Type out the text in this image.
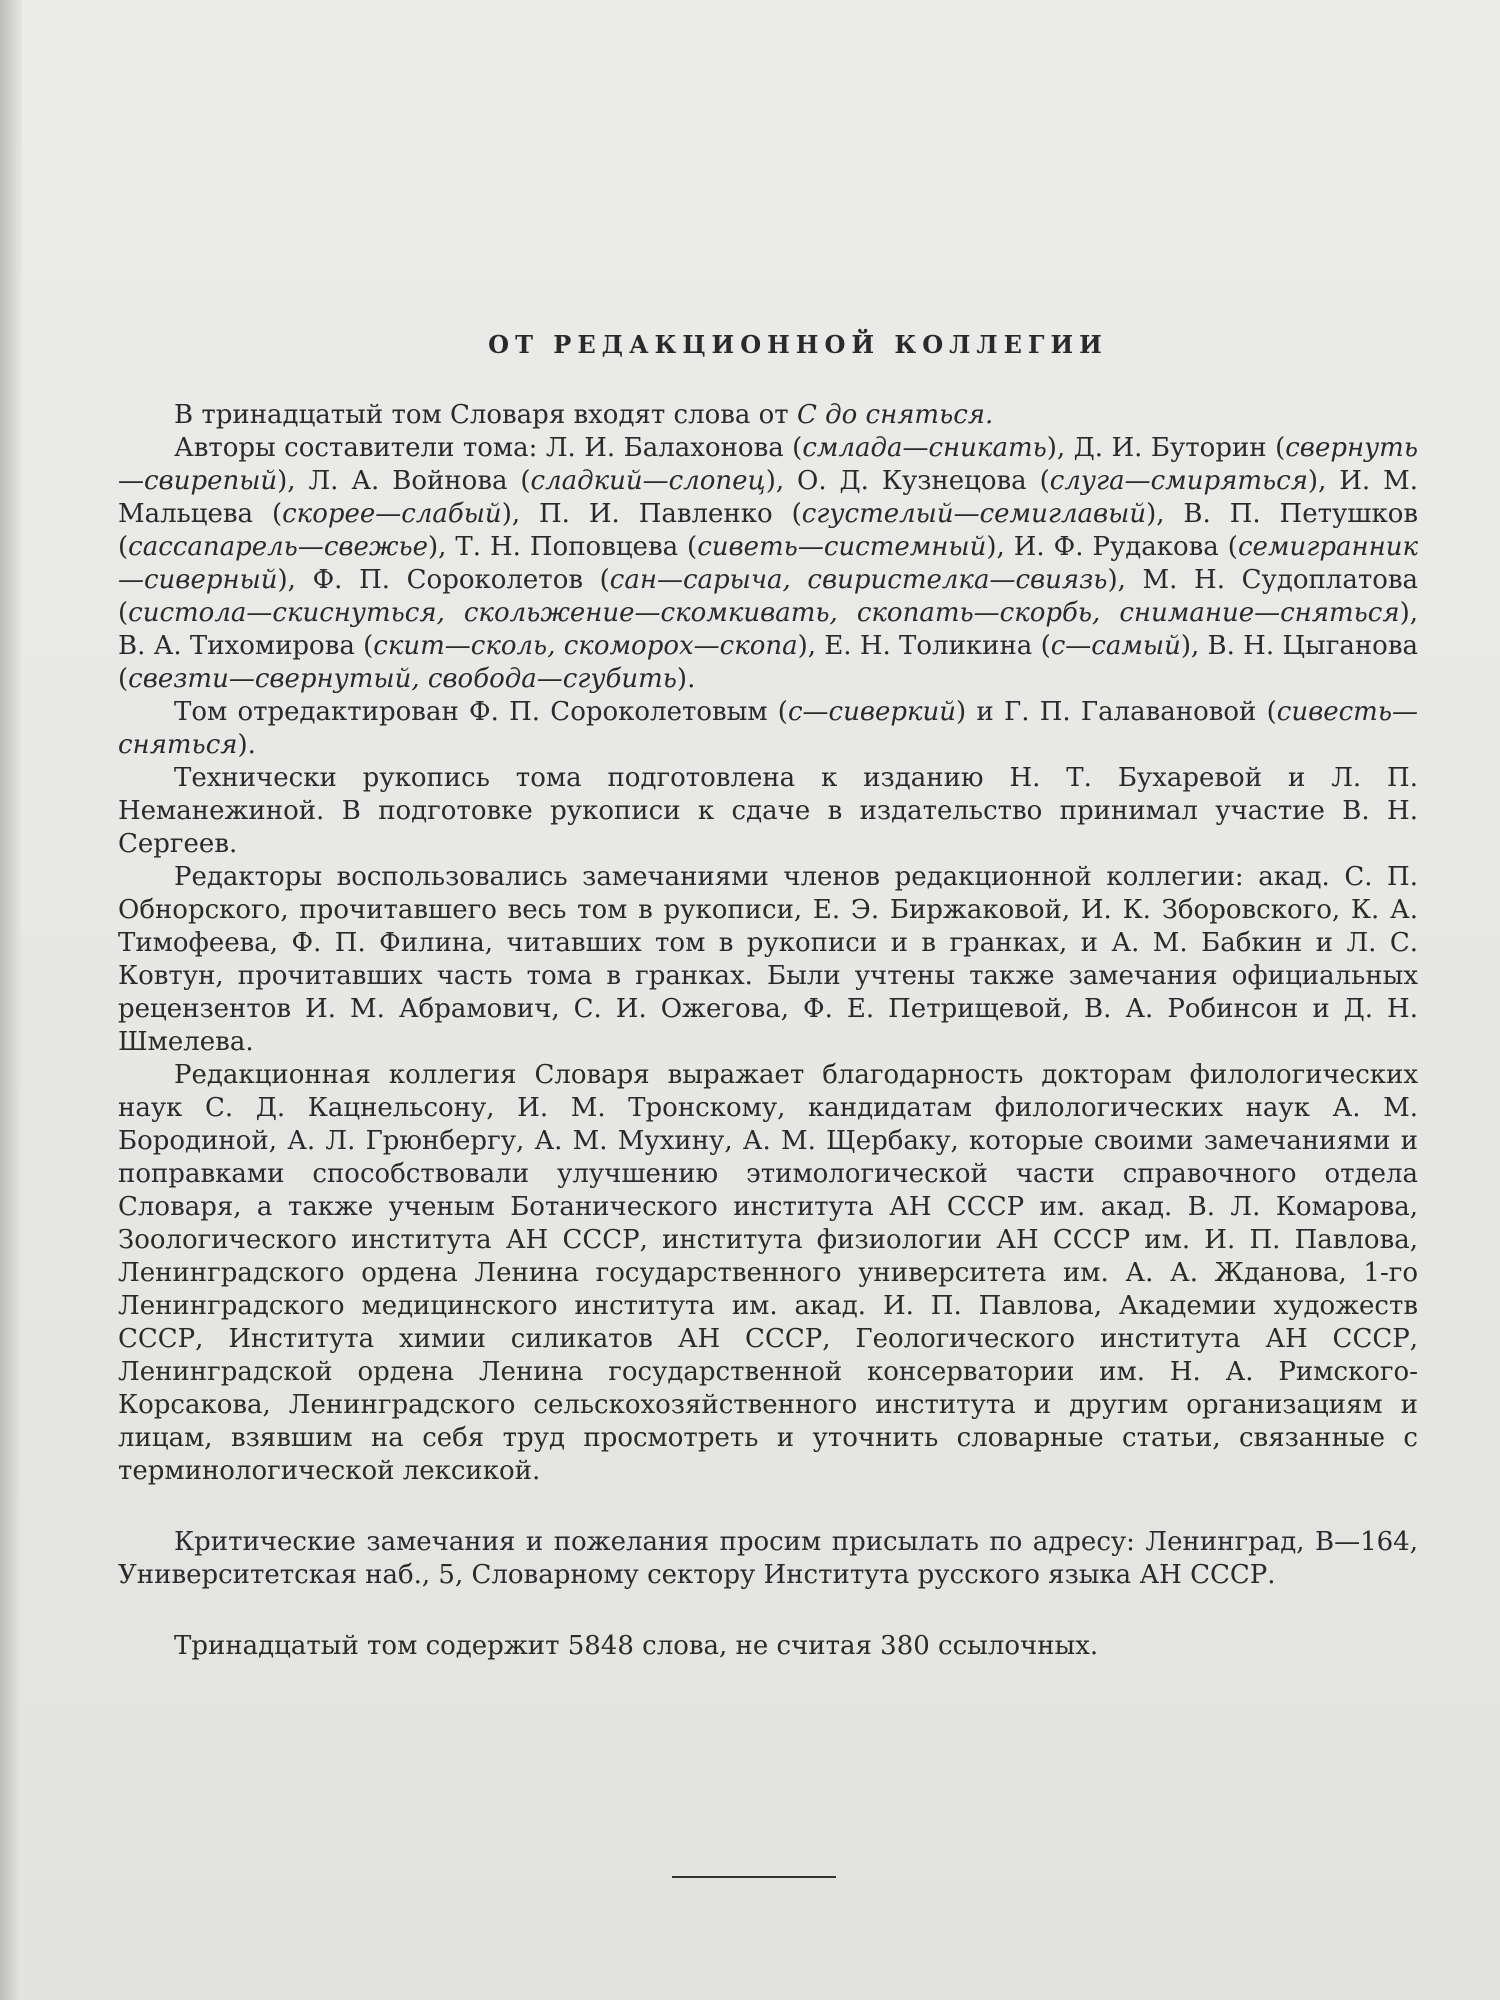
ОТ РЕДАКЦИОННОЙ КОЛЛЕГИИ

В тринадцатый том Словаря входят слова от С до сняться.

Авторы составители тома: Л. И. Балахонова (смлада—сникать), Д. И. Буторин (свернуть—свирепый), Л. А. Войнова (сладкий—слопец), О. Д. Кузнецова (слуга—смиряться), И. М. Мальцева (скорее—слабый), П. И. Павленко (сгустелый—семиглавый), В. П. Петушков (сассапарель—свежье), Т. Н. Поповцева (сиветь—системный), И. Ф. Рудакова (семигранник—сиверный), Ф. П. Сороколетов (сан—сарыча, свиристелка—свиязь), М. Н. Судоплатова (систола—скиснуться, скольжение—скомкивать, скопать—скорбь, снимание—сняться), В. А. Тихомирова (скит—сколь, скоморох—скопа), Е. Н. Толикина (с—самый), В. Н. Цыганова (свезти—свернутый, свобода—сгубить).

Том отредактирован Ф. П. Сороколетовым (с—сиверкий) и Г. П. Галавановой (сивесть—сняться).

Технически рукопись тома подготовлена к изданию Н. Т. Бухаревой и Л. П. Неманежиной. В подготовке рукописи к сдаче в издательство принимал участие В. Н. Сергеев.

Редакторы воспользовались замечаниями членов редакционной коллегии: акад. С. П. Обнорского, прочитавшего весь том в рукописи, Е. Э. Биржаковой, И. К. Зборовского, К. А. Тимофеева, Ф. П. Филина, читавших том в рукописи и в гранках, и А. М. Бабкин и Л. С. Ковтун, прочитавших часть тома в гранках. Были учтены также замечания официальных рецензентов И. М. Абрамович, С. И. Ожегова, Ф. Е. Петрищевой, В. А. Робинсон и Д. Н. Шмелева.

Редакционная коллегия Словаря выражает благодарность докторам филологических наук С. Д. Кацнельсону, И. М. Тронскому, кандидатам филологических наук А. М. Бородиной, А. Л. Грюнбергу, А. М. Мухину, А. М. Щербаку, которые своими замечаниями и поправками способствовали улучшению этимологической части справочного отдела Словаря, а также ученым Ботанического института АН СССР им. акад. В. Л. Комарова, Зоологического института АН СССР, института физиологии АН СССР им. И. П. Павлова, Ленинградского ордена Ленина государственного университета им. А. А. Жданова, 1-го Ленинградского медицинского института им. акад. И. П. Павлова, Академии художеств СССР, Института химии силикатов АН СССР, Геологического института АН СССР, Ленинградской ордена Ленина государственной консерватории им. Н. А. Римского-Корсакова, Ленинградского сельскохозяйственного института и другим организациям и лицам, взявшим на себя труд просмотреть и уточнить словарные статьи, связанные с терминологической лексикой.

Критические замечания и пожелания просим присылать по адресу: Ленинград, В—164, Университетская наб., 5, Словарному сектору Института русского языка АН СССР.

Тринадцатый том содержит 5848 слова, не считая 380 ссылочных.
